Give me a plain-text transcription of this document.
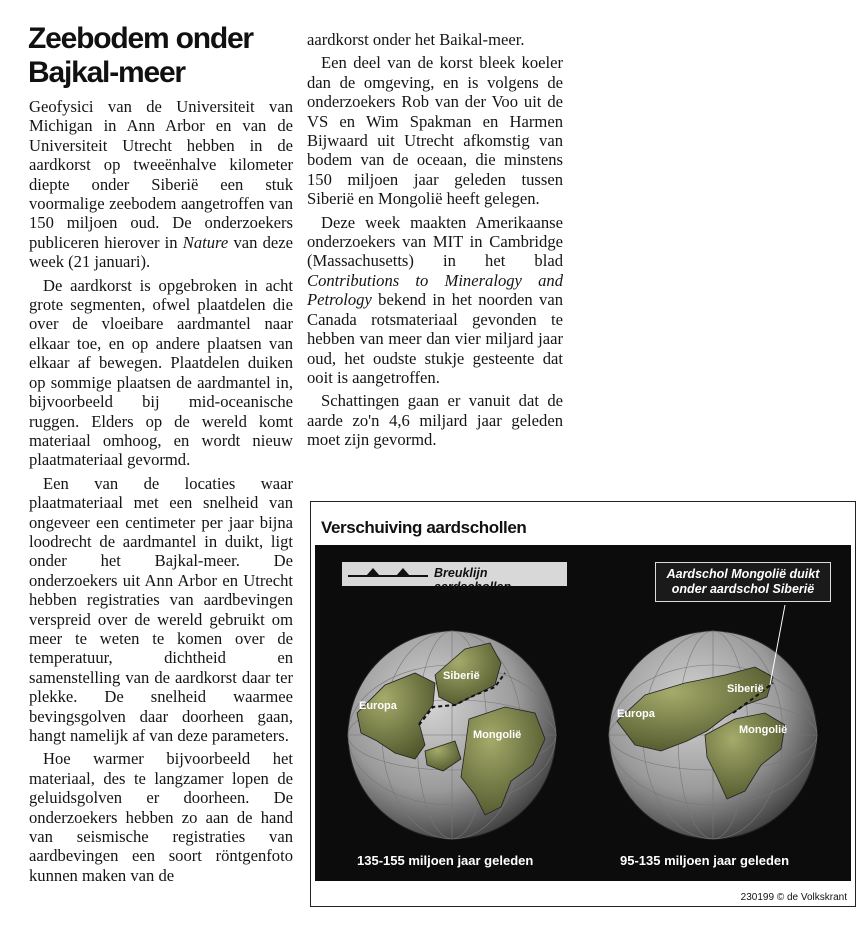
Zeebodem onder Bajkal-meer

Geofysici van de Universiteit van Michigan in Ann Arbor en van de Universiteit Utrecht hebben in de aardkorst op tweeënhalve kilometer diepte onder Siberië een stuk voormalige zeebodem aangetroffen van 150 miljoen oud. De onderzoekers publiceren hierover in Nature van deze week (21 januari).

De aardkorst is opgebroken in acht grote segmenten, ofwel plaatdelen die over de vloeibare aardmantel naar elkaar toe, en op andere plaatsen van elkaar af bewegen. Plaatdelen duiken op sommige plaatsen de aardmantel in, bijvoorbeeld bij mid-oceanische ruggen. Elders op de wereld komt materiaal omhoog, en wordt nieuw plaatmateriaal gevormd.

Een van de locaties waar plaatmateriaal met een snelheid van ongeveer een centimeter per jaar bijna loodrecht de aardmantel in duikt, ligt onder het Bajkal-meer. De onderzoekers uit Ann Arbor en Utrecht hebben registraties van aardbevingen verspreid over de wereld gebruikt om meer te weten te komen over de temperatuur, dichtheid en samenstelling van de aardkorst daar ter plekke. De snelheid waarmee bevingsgolven daar doorheen gaan, hangt namelijk af van deze parameters.

Hoe warmer bijvoorbeeld het materiaal, des te langzamer lopen de geluidsgolven er doorheen. De onderzoekers hebben zo aan de hand van seismische registraties van aardbevingen een soort röntgenfoto kunnen maken van de

aardkorst onder het Baikal-meer.

Een deel van de korst bleek koeler dan de omgeving, en is volgens de onderzoekers Rob van der Voo uit de VS en Wim Spakman en Harmen Bijwaard uit Utrecht afkomstig van bodem van de oceaan, die minstens 150 miljoen jaar geleden tussen Siberië en Mongolië heeft gelegen.

Deze week maakten Amerikaanse onderzoekers van MIT in Cambridge (Massachusetts) in het blad Contributions to Mineralogy and Petrology bekend in het noorden van Canada rotsmateriaal gevonden te hebben van meer dan vier miljard jaar oud, het oudste stukje gesteente dat ooit is aangetroffen.

Schattingen gaan er vanuit dat de aarde zo'n 4,6 miljard jaar geleden moet zijn gevormd.

Verschuiving aardschollen
Europa
Siberië
Mongolië
Europa
Siberië
Mongolië
Breuklijn aardschollen
Aardschol Mongolië duikt
onder aardschol Siberië
135-155 miljoen jaar geleden	95-135 miljoen jaar geleden
230199 © de Volkskrant
